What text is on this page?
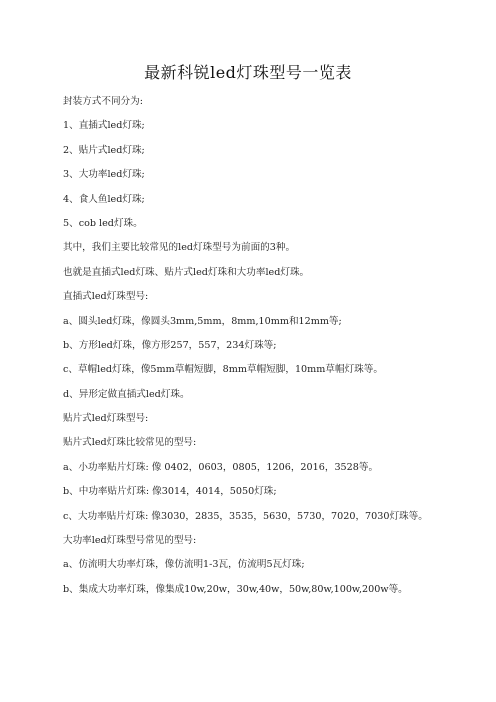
最新科锐led灯珠型号一览表
封装方式不同分为:
1、直插式led灯珠;
2、贴片式led灯珠;
3、大功率led灯珠;
4、食人鱼led灯珠;
5、cob led灯珠。
其中，我们主要比较常见的led灯珠型号为前面的3种。
也就是直插式led灯珠、贴片式led灯珠和大功率led灯珠。
直插式led灯珠型号:
a、圆头led灯珠，像圆头3mm,5mm，8mm,10mm和12mm等;
b、方形led灯珠，像方形257，557，234灯珠等;
c、草帽led灯珠，像5mm草帽短脚，8mm草帽短脚，10mm草帽灯珠等。
d、异形定做直插式led灯珠。
贴片式led灯珠型号:
贴片式led灯珠比较常见的型号:
a、小功率贴片灯珠: 像 0402，0603，0805，1206，2016，3528等。
b、中功率贴片灯珠: 像3014，4014，5050灯珠;
c、大功率贴片灯珠: 像3030，2835，3535，5630，5730，7020，7030灯珠等。
大功率led灯珠型号常见的型号:
a、仿流明大功率灯珠，像仿流明1-3瓦，仿流明5瓦灯珠;
b、集成大功率灯珠，像集成10w,20w，30w,40w，50w,80w,100w,200w等。
